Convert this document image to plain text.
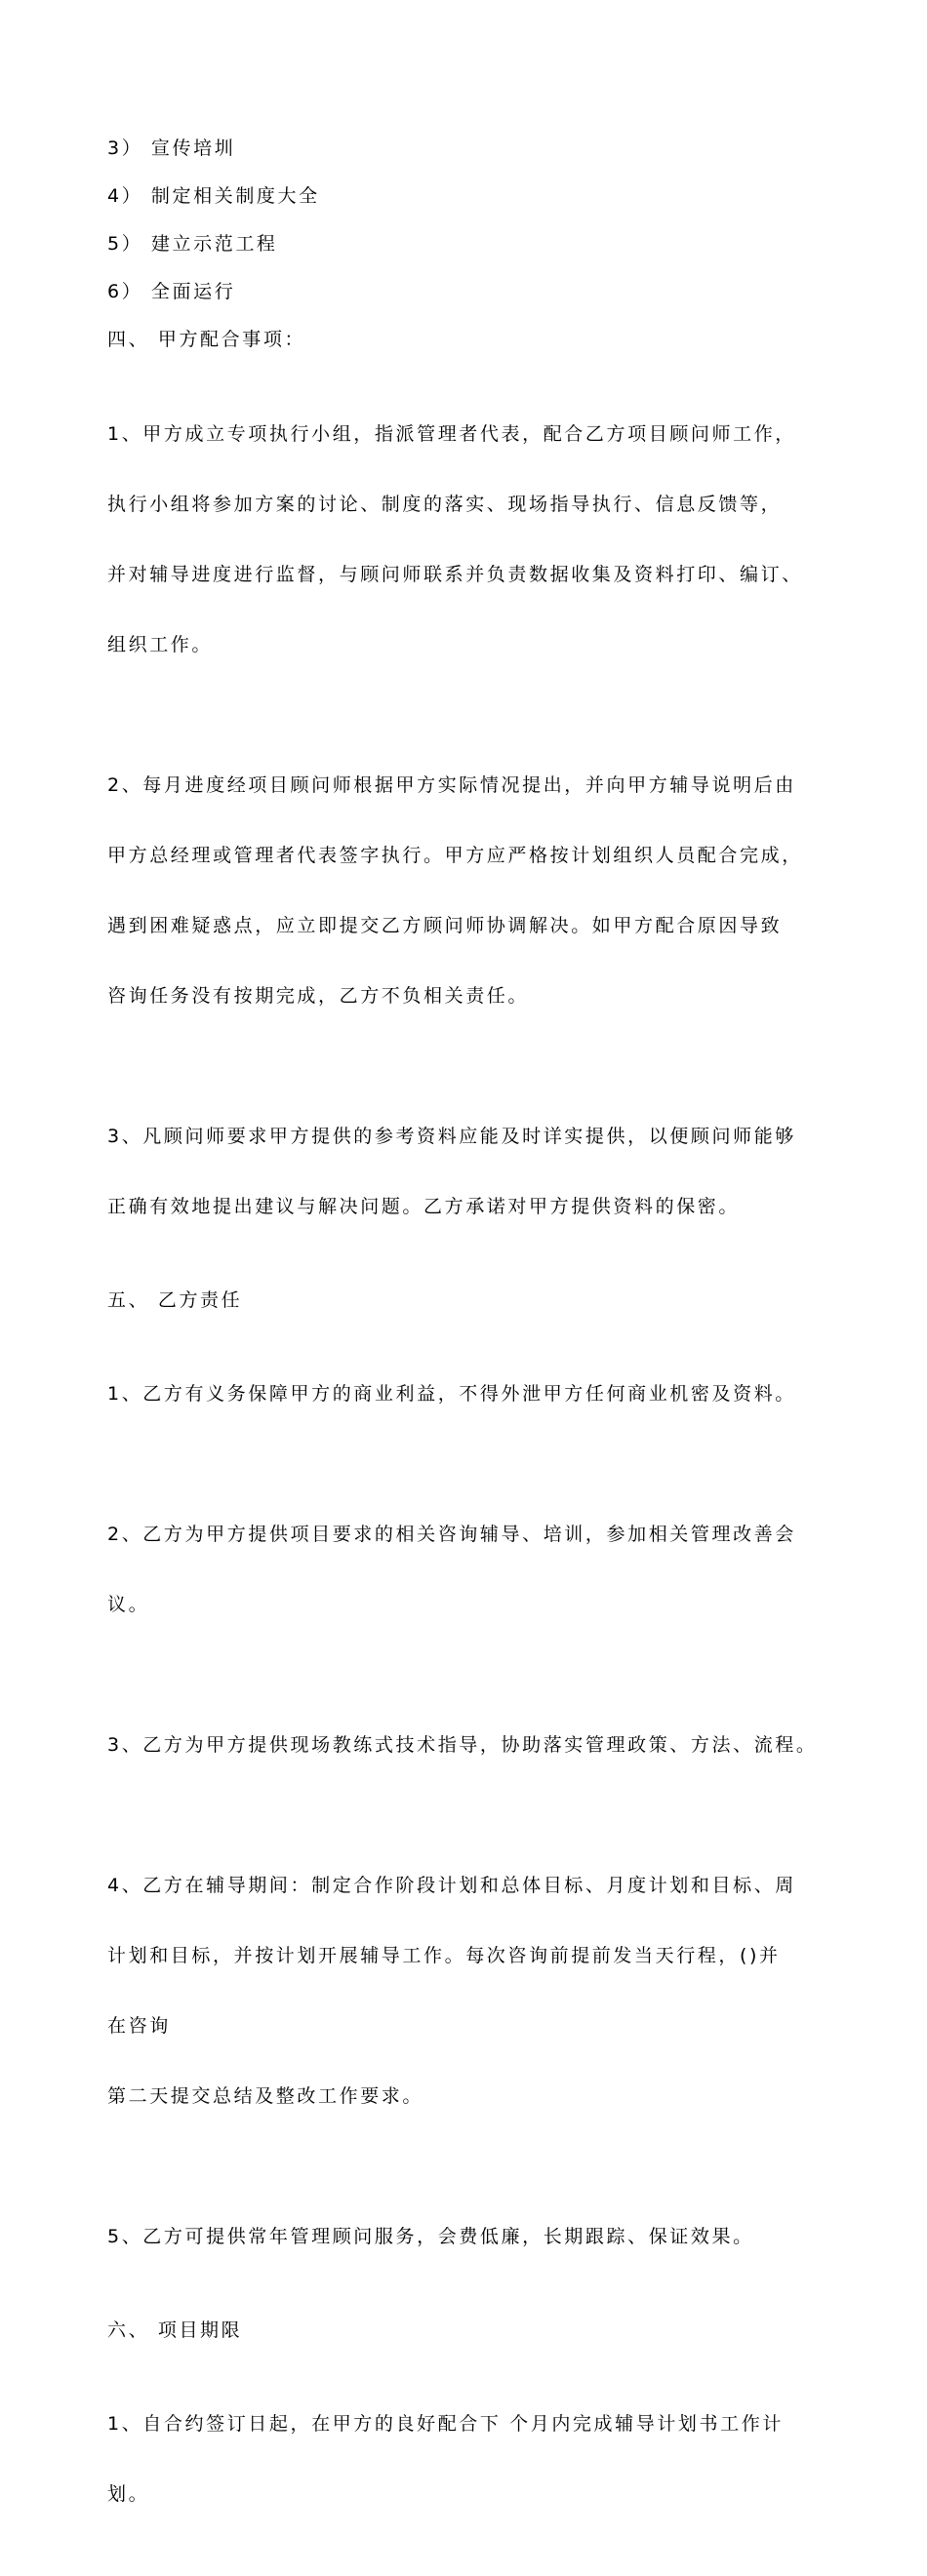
3） 宣传培圳

4） 制定相关制度大全

5） 建立示范工程

6） 全面运行

四、 甲方配合事项：

1、甲方成立专项执行小组，指派管理者代表，配合乙方项目顾问师工作，

执行小组将参加方案的讨论、制度的落实、现场指导执行、信息反馈等，

并对辅导进度进行监督，与顾问师联系并负责数据收集及资料打印、编订、

组织工作。

2、每月进度经项目顾问师根据甲方实际情况提出，并向甲方辅导说明后由

甲方总经理或管理者代表签字执行。甲方应严格按计划组织人员配合完成，

遇到困难疑惑点，应立即提交乙方顾问师协调解决。如甲方配合原因导致

咨询任务没有按期完成，乙方不负相关责任。

3、凡顾问师要求甲方提供的参考资料应能及时详实提供，以便顾问师能够

正确有效地提出建议与解决问题。乙方承诺对甲方提供资料的保密。

五、 乙方责任

1、乙方有义务保障甲方的商业利益，不得外泄甲方任何商业机密及资料。

2、乙方为甲方提供项目要求的相关咨询辅导、培训，参加相关管理改善会

议。

3、乙方为甲方提供现场教练式技术指导，协助落实管理政策、方法、流程。

4、乙方在辅导期间：制定合作阶段计划和总体目标、月度计划和目标、周

计划和目标，并按计划开展辅导工作。每次咨询前提前发当天行程，()并

在咨询

第二天提交总结及整改工作要求。

5、乙方可提供常年管理顾问服务，会费低廉，长期跟踪、保证效果。

六、 项目期限

1、自合约签订日起，在甲方的良好配合下 个月内完成辅导计划书工作计

划。
